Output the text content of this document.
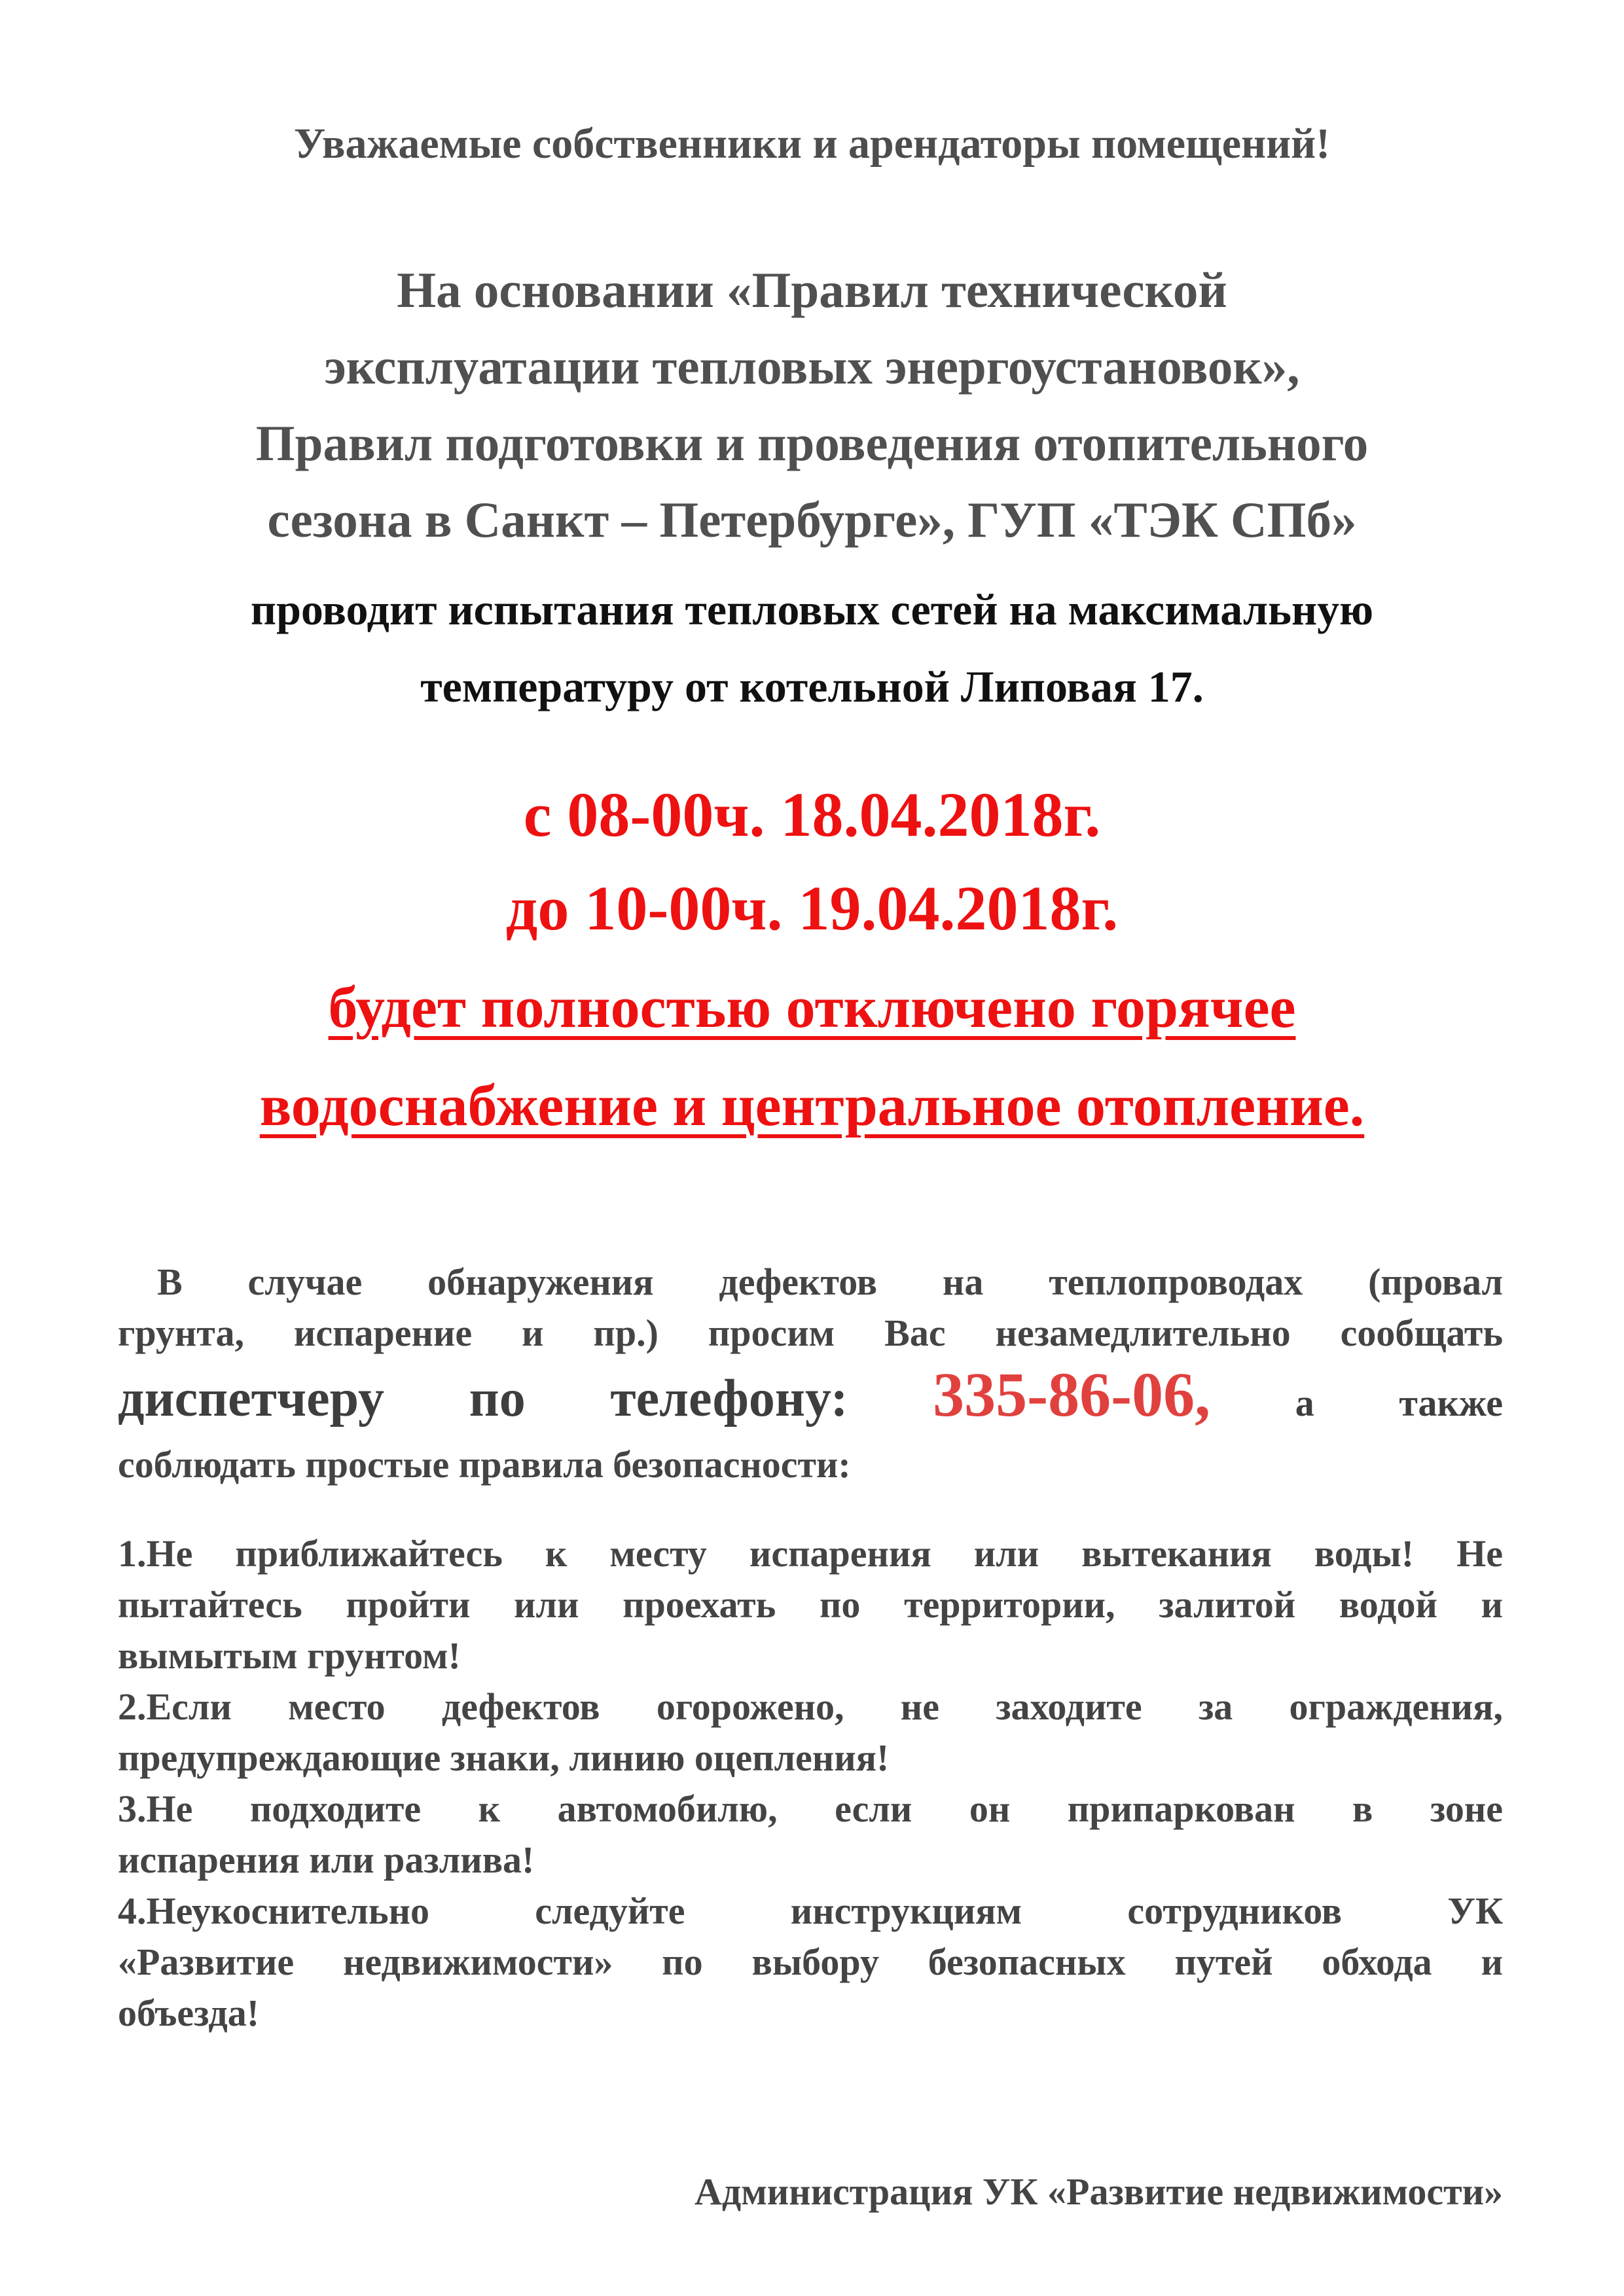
Уважаемые собственники и арендаторы помещений!
На основании «Правил технической
эксплуатации тепловых энергоустановок»,
Правил подготовки и проведения отопительного
сезона в Санкт – Петербурге», ГУП «ТЭК СПб»
проводит испытания тепловых сетей на максимальную
температуру от котельной Липовая 17.
с 08-00ч. 18.04.2018г.
до 10-00ч. 19.04.2018г.
будет полностью отключено горячее
водоснабжение и центральное отопление.
В случае обнаружения дефектов на теплопроводах (провал
грунта, испарение и пр.) просим Вас незамедлительно сообщать
диспетчеру по телефону: 335-86-06, а также
соблюдать простые правила безопасности:
1.Не приближайтесь к месту испарения или вытекания воды! Не
пытайтесь пройти или проехать по территории, залитой водой и
вымытым грунтом!
2.Если место дефектов огорожено, не заходите за ограждения,
предупреждающие знаки, линию оцепления!
3.Не подходите к автомобилю, если он припаркован в зоне
испарения или разлива!
4.Неукоснительно следуйте инструкциям сотрудников УК
«Развитие недвижимости» по выбору безопасных путей обхода и
объезда!
Администрация УК «Развитие недвижимости»
